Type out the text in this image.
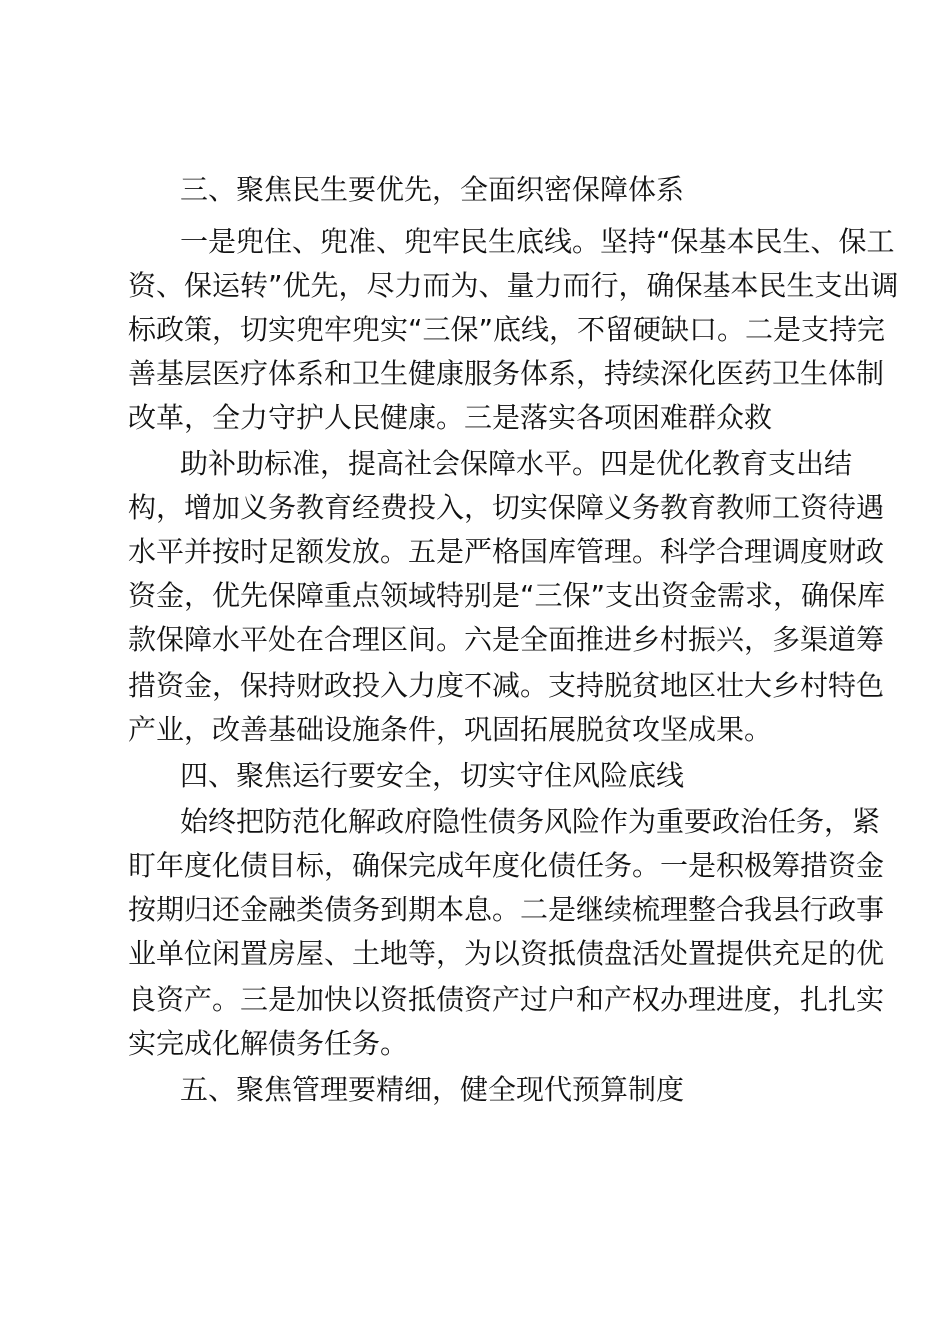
三、聚焦民生要优先，全面织密保障体系
一是兜住、兜准、兜牢民生底线。坚持“保基本民生、保工
资、保运转”优先，尽力而为、量力而行，确保基本民生支出调
标政策，切实兜牢兜实“三保”底线，不留硬缺口。二是支持完
善基层医疗体系和卫生健康服务体系，持续深化医药卫生体制
改革，全力守护人民健康。三是落实各项困难群众救
助补助标准，提高社会保障水平。四是优化教育支出结
构，增加义务教育经费投入，切实保障义务教育教师工资待遇
水平并按时足额发放。五是严格国库管理。科学合理调度财政
资金，优先保障重点领域特别是“三保”支出资金需求，确保库
款保障水平处在合理区间。六是全面推进乡村振兴，多渠道筹
措资金，保持财政投入力度不减。支持脱贫地区壮大乡村特色
产业，改善基础设施条件，巩固拓展脱贫攻坚成果。
四、聚焦运行要安全，切实守住风险底线
始终把防范化解政府隐性债务风险作为重要政治任务，紧
盯年度化债目标，确保完成年度化债任务。一是积极筹措资金
按期归还金融类债务到期本息。二是继续梳理整合我县行政事
业单位闲置房屋、土地等，为以资抵债盘活处置提供充足的优
良资产。三是加快以资抵债资产过户和产权办理进度，扎扎实
实完成化解债务任务。
五、聚焦管理要精细，健全现代预算制度
